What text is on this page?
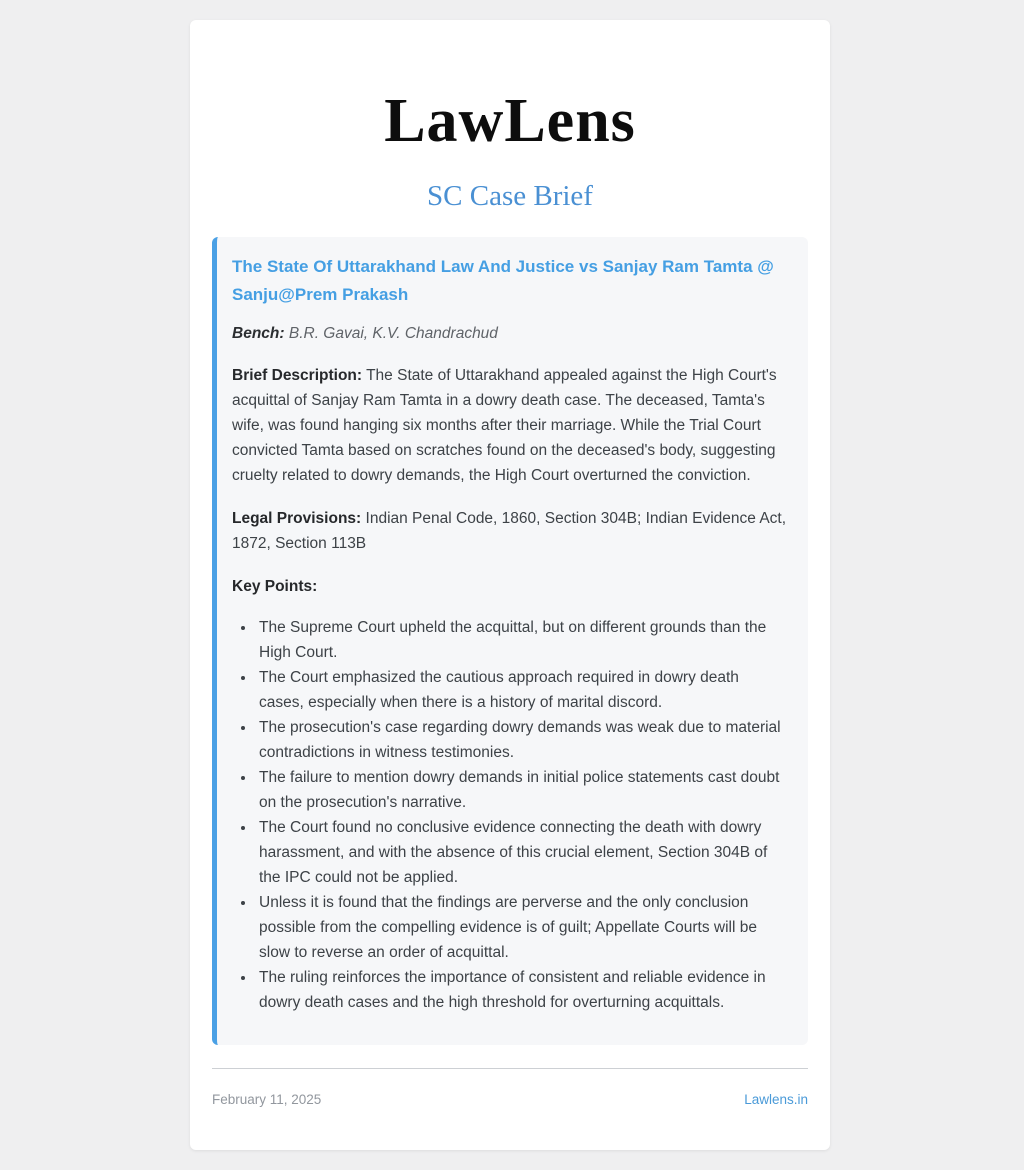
LawLens
SC Case Brief
The State Of Uttarakhand Law And Justice vs Sanjay Ram Tamta @ Sanju@Prem Prakash

Bench: B.R. Gavai, K.V. Chandrachud

Brief Description: The State of Uttarakhand appealed against the High Court's acquittal of Sanjay Ram Tamta in a dowry death case. The deceased, Tamta's wife, was found hanging six months after their marriage. While the Trial Court convicted Tamta based on scratches found on the deceased's body, suggesting cruelty related to dowry demands, the High Court overturned the conviction.

Legal Provisions: Indian Penal Code, 1860, Section 304B; Indian Evidence Act, 1872, Section 113B

Key Points:

• The Supreme Court upheld the acquittal, but on different grounds than the High Court.
• The Court emphasized the cautious approach required in dowry death cases, especially when there is a history of marital discord.
• The prosecution's case regarding dowry demands was weak due to material contradictions in witness testimonies.
• The failure to mention dowry demands in initial police statements cast doubt on the prosecution's narrative.
• The Court found no conclusive evidence connecting the death with dowry harassment, and with the absence of this crucial element, Section 304B of the IPC could not be applied.
• Unless it is found that the findings are perverse and the only conclusion possible from the compelling evidence is of guilt; Appellate Courts will be slow to reverse an order of acquittal.
• The ruling reinforces the importance of consistent and reliable evidence in dowry death cases and the high threshold for overturning acquittals.
February 11, 2025	Lawlens.in
